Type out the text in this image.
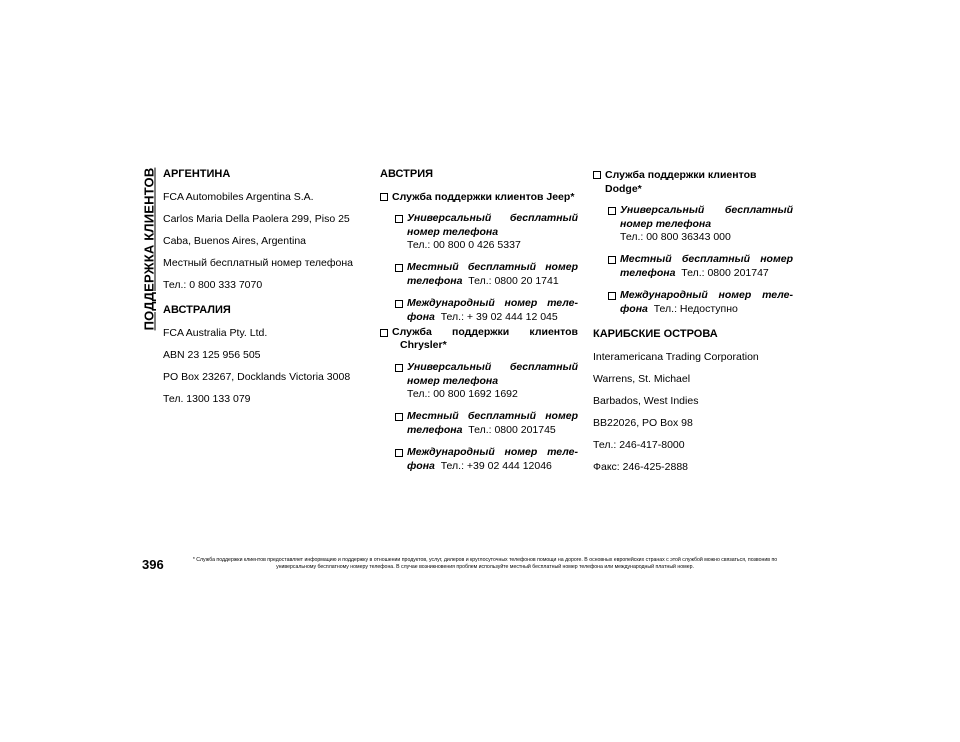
ПОДДЕРЖКА КЛИЕНТОВ АРГЕНТИНА

FCA Automobiles Argentina S.A.

Carlos Maria Della Paolera 299, Piso 25

Caba, Buenos Aires, Argentina

Местный бесплатный номер телефона

Тел.: 0 800 333 7070

АВСТРАЛИЯ

FCA Australia Pty. Ltd.

ABN 23 125 956 505

PO Box 23267, Docklands Victoria 3008

Тел. 1300 133 079

АВСТРИЯ
Служба поддержки клиентов Jeep*
Универсальный бесплатный
номер телефона
Тел.: 00 800 0 426 5337
Местный бесплатный номер
телефона Тел.: 0800 20 1741
Международный номер теле-
фона Тел.: + 39 02 444 12 045
Служба поддержки клиентов
Chrysler*
Универсальный бесплатный
номер телефона
Тел.: 00 800 1692 1692
Местный бесплатный номер
телефона Тел.: 0800 201745
Международный номер теле-
фона Тел.: +39 02 444 12046
Служба поддержки клиентов Dodge*
Универсальный бесплатный
номер телефона
Тел.: 00 800 36343 000
Местный бесплатный номер
телефона Тел.: 0800 201747
Международный номер теле-
фона Тел.: Недоступно
КАРИБСКИЕ ОСТРОВА

Interamericana Trading Corporation

Warrens, St. Michael

Barbados, West Indies

BB22026, PO Box 98

Тел.: 246-417-8000

Факс: 246-425-2888

396	* Служба поддержки клиентов предоставляет информацию и поддержку в отношении продуктов, услуг, дилеров и круглосуточных телефонов помощи на дороге. В основных европейских странах с этой службой можно связаться, позвонив по универсальному бесплатному номеру телефона. В случае возникновения проблем используйте местный бесплатный номер телефона или международный платный номер.
